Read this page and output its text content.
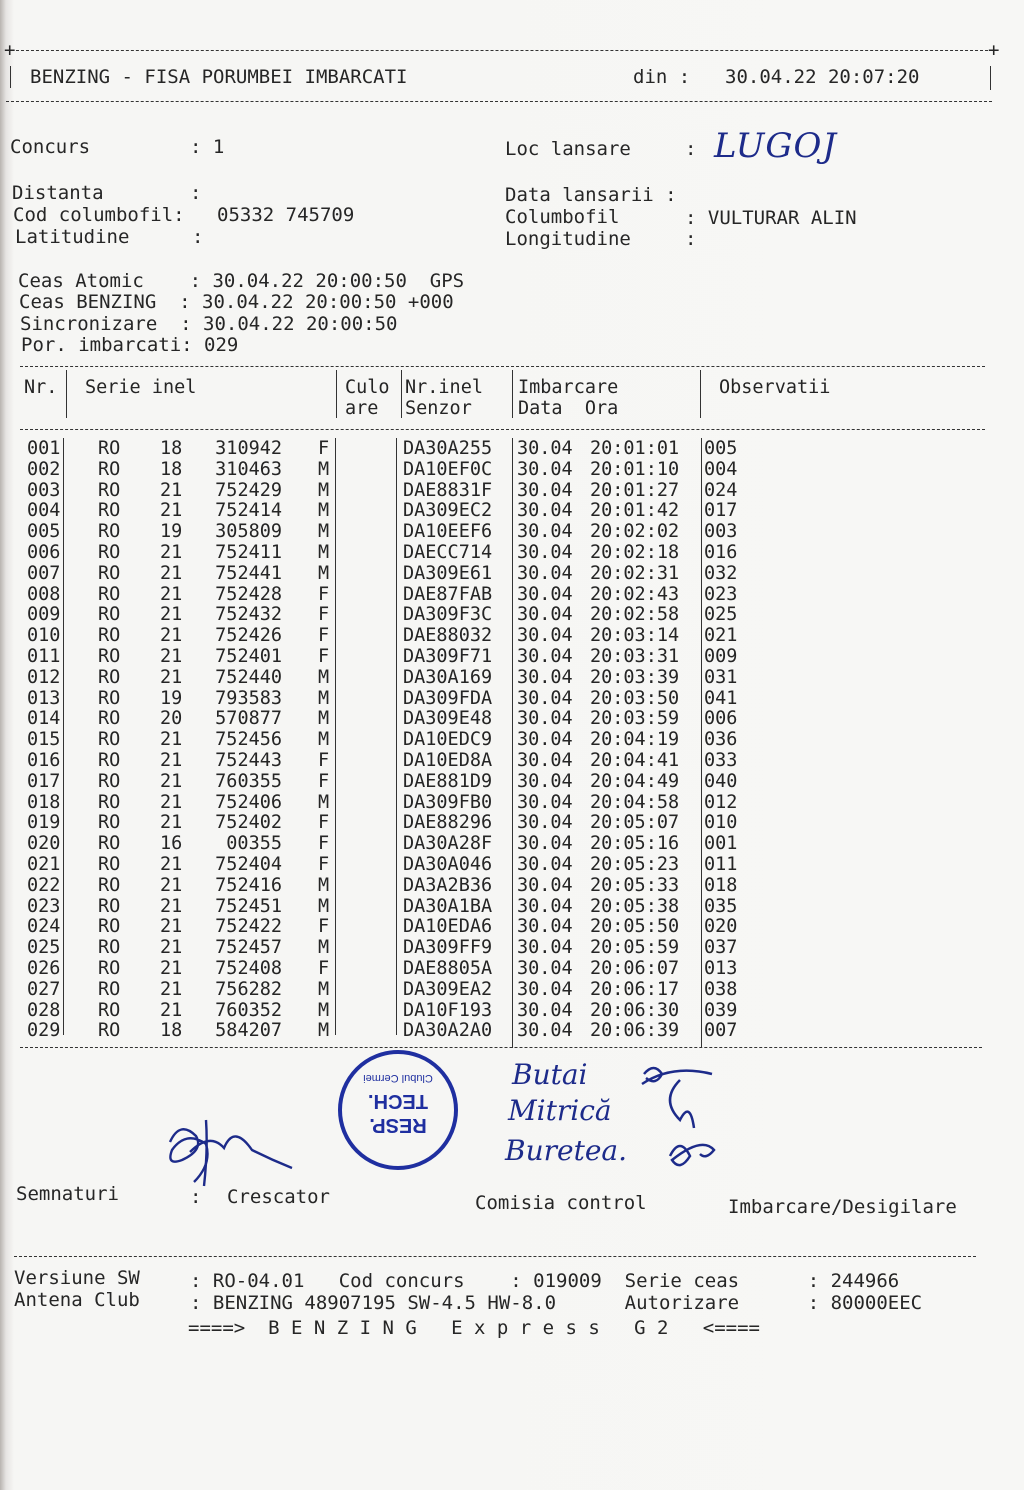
+	+
BENZING - FISA PORUMBEI IMBARCATI	din : 30.04.22 20:07:20
Concurs	: 1	Loc lansare	: LUGOJ
Distanta	:	Data lansarii :
Cod columbofil: 05332 745709	Columbofil	: VULTURAR ALIN
Latitudine	:	Longitudine	:
Ceas Atomic    : 30.04.22 20:00:50  GPS
Ceas BENZING  : 30.04.22 20:00:50 +000
Sincronizare  : 30.04.22 20:00:50
Por. imbarcati: 029
Nr. Serie inel	Culo
are
Nr.inel
Senzor
Imbarcare
Data  Ora
Observatii
001 RO 18 310942 F	DA30A255 30.04 20:01:01 005
002 RO 18 310463 M	DA10EF0C 30.04 20:01:10 004
003 RO 21 752429 M	DAE8831F 30.04 20:01:27 024
004 RO 21 752414 M	DA309EC2 30.04 20:01:42 017
005 RO 19 305809 M	DA10EEF6 30.04 20:02:02 003
006 RO 21 752411 M	DAECC714 30.04 20:02:18 016
007 RO 21 752441 M	DA309E61 30.04 20:02:31 032
008 RO 21 752428 F	DAE87FAB 30.04 20:02:43 023
009 RO 21 752432 F	DA309F3C 30.04 20:02:58 025
010 RO 21 752426 F	DAE88032 30.04 20:03:14 021
011 RO 21 752401 F	DA309F71 30.04 20:03:31 009
012 RO 21 752440 M	DA30A169 30.04 20:03:39 031
013 RO 19 793583 M	DA309FDA 30.04 20:03:50 041
014 RO 20 570877 M	DA309E48 30.04 20:03:59 006
015 RO 21 752456 M	DA10EDC9 30.04 20:04:19 036
016 RO 21 752443 F	DA10ED8A 30.04 20:04:41 033
017 RO 21 760355 F	DAE881D9 30.04 20:04:49 040
018 RO 21 752406 M	DA309FB0 30.04 20:04:58 012
019 RO 21 752402 F	DAE88296 30.04 20:05:07 010
020 RO 16 00355 F	DA30A28F 30.04 20:05:16 001
021 RO 21 752404 F	DA30A046 30.04 20:05:23 011
022 RO 21 752416 M	DA3A2B36 30.04 20:05:33 018
023 RO 21 752451 M	DA30A1BA 30.04 20:05:38 035
024 RO 21 752422 F	DA10EDA6 30.04 20:05:50 020
025 RO 21 752457 M	DA309FF9 30.04 20:05:59 037
026 RO 21 752408 F	DAE8805A 30.04 20:06:07 013
027 RO 21 756282 M	DA309EA2 30.04 20:06:17 038
028 RO 21 760352 M	DA10F193 30.04 20:06:30 039
029 RO 18 584207 M	DA30A2A0 30.04 20:06:39 007
Butai
Mitrică
Buretea.
RESP.
TECH.
Clubul Cermei
Semnaturi	: Crescator	Comisia control	Imbarcare/Desigilare
Versiune SW
Antena Club
: RO-04.01   Cod concurs    : 019009  Serie ceas      : 244966
: BENZING 48907195 SW-4.5 HW-8.0      Autorizare      : 80000EEC
====>  B E N Z I N G   E x p r e s s   G 2   <====
